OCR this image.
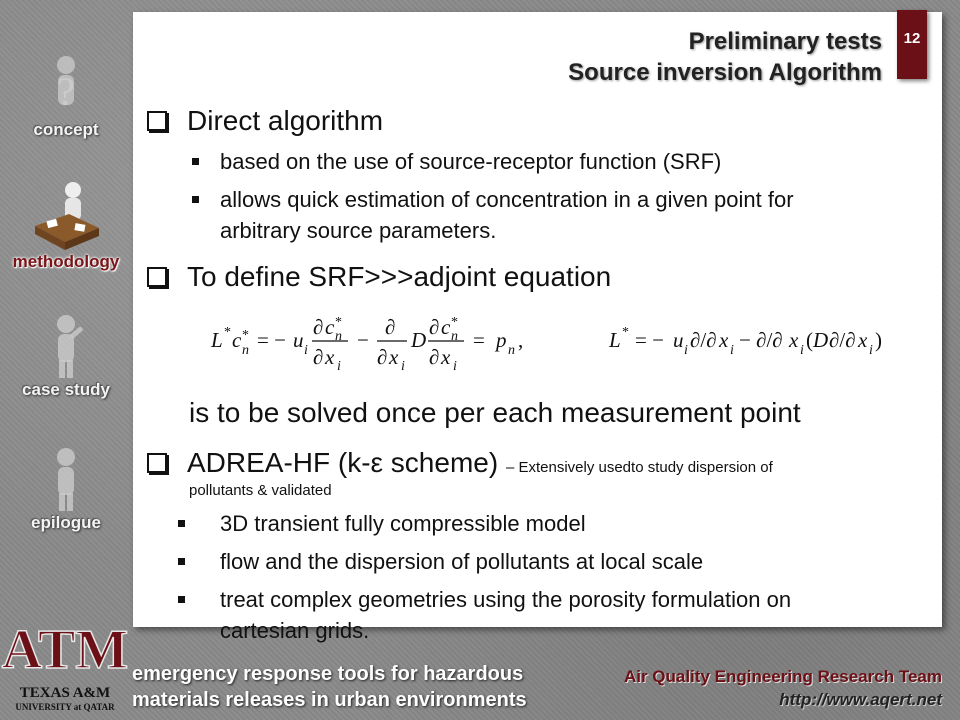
?
concept
methodology
case study
epilogue
Direct algorithm
based on the use of source-receptor function (SRF)
allows quick estimation of concentration in a given point for
arbitrary source parameters.
To define SRF>>>adjoint equation
L * c *
n = − u i
∂ c *
n
∂ x i
−
∂
∂ x i
D
∂ c *
n
∂ x i
= p n ,	L * = − u i ∂/∂ x i − ∂/∂ x i ( D ∂/∂ x i )
is to be solved once per each measurement point
ADREA-HF (k-ε scheme) – Extensively usedto study dispersion of
pollutants & validated
3D transient fully compressible model
flow and the dispersion of pollutants at local scale
treat complex geometries using the porosity formulation on
cartesian grids.
Preliminary tests
Source inversion Algorithm
12
ATM
TEXAS A&M
UNIVERSITY at QATAR
emergency response tools for hazardous
materials releases in urban environments
Air Quality Engineering Research Team
http://www.aqert.net
